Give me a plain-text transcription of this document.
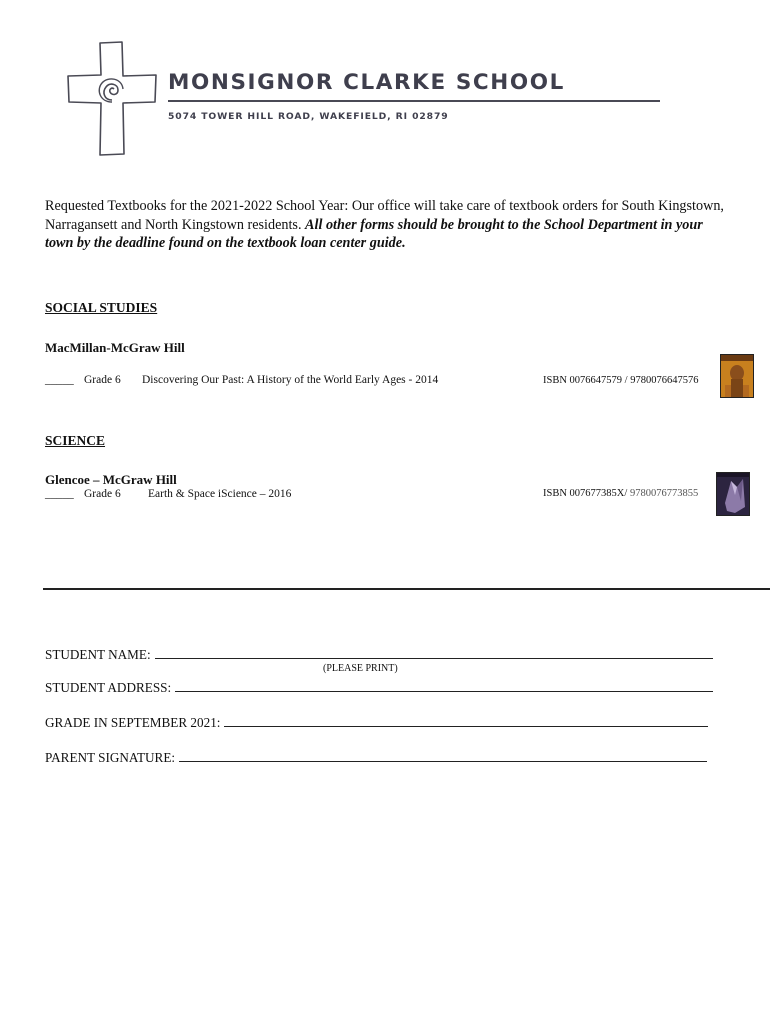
MONSIGNOR CLARKE SCHOOL
5074 TOWER HILL ROAD, WAKEFIELD, RI 02879
Requested Textbooks for the 2021-2022 School Year: Our office will take care of textbook orders for South Kingstown, Narragansett and North Kingstown residents. All other forms should be brought to the School Department in your town by the deadline found on the textbook loan center guide.
SOCIAL STUDIES
MacMillan-McGraw Hill
_____ Grade 6 Discovering Our Past: A History of the World Early Ages - 2014	ISBN 0076647579 / 9780076647576
SCIENCE
Glencoe – McGraw Hill
_____ Grade 6 Earth & Space iScience – 2016	ISBN 007677385X/ 9780076773855
STUDENT NAME:
(PLEASE PRINT)
STUDENT ADDRESS:
GRADE IN SEPTEMBER 2021:
PARENT SIGNATURE:
